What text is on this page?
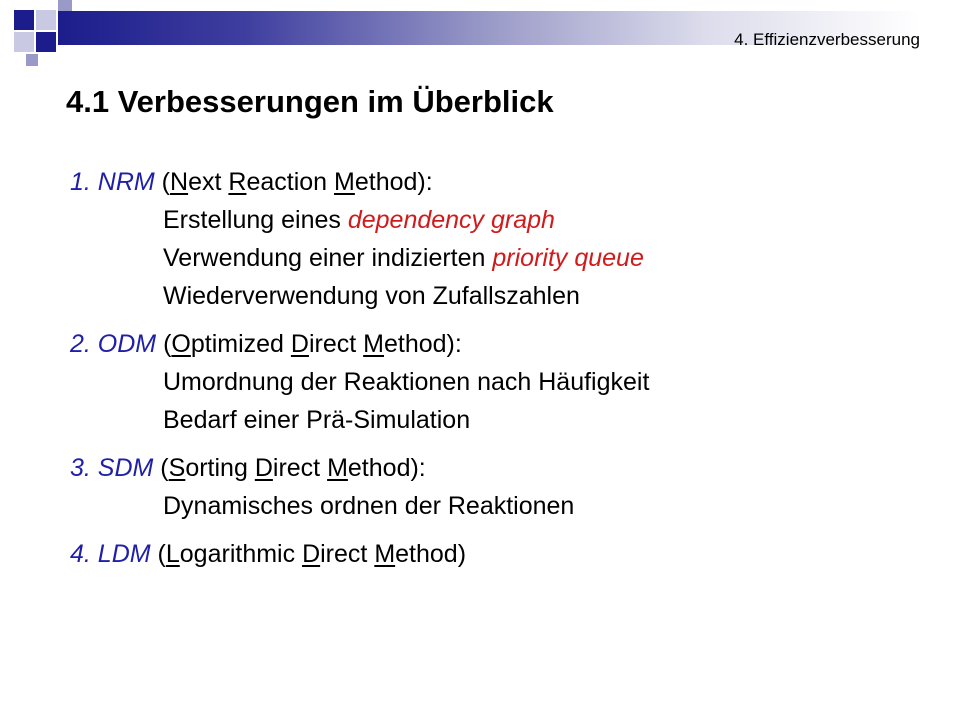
4. Effizienzverbesserung
4.1 Verbesserungen im Überblick
1. NRM (Next Reaction Method):
Erstellung eines dependency graph
Verwendung einer indizierten priority queue
Wiederverwendung von Zufallszahlen
2. ODM (Optimized Direct Method):
Umordnung der Reaktionen nach Häufigkeit
Bedarf einer Prä-Simulation
3. SDM (Sorting Direct Method):
Dynamisches ordnen der Reaktionen
4. LDM (Logarithmic Direct Method)
